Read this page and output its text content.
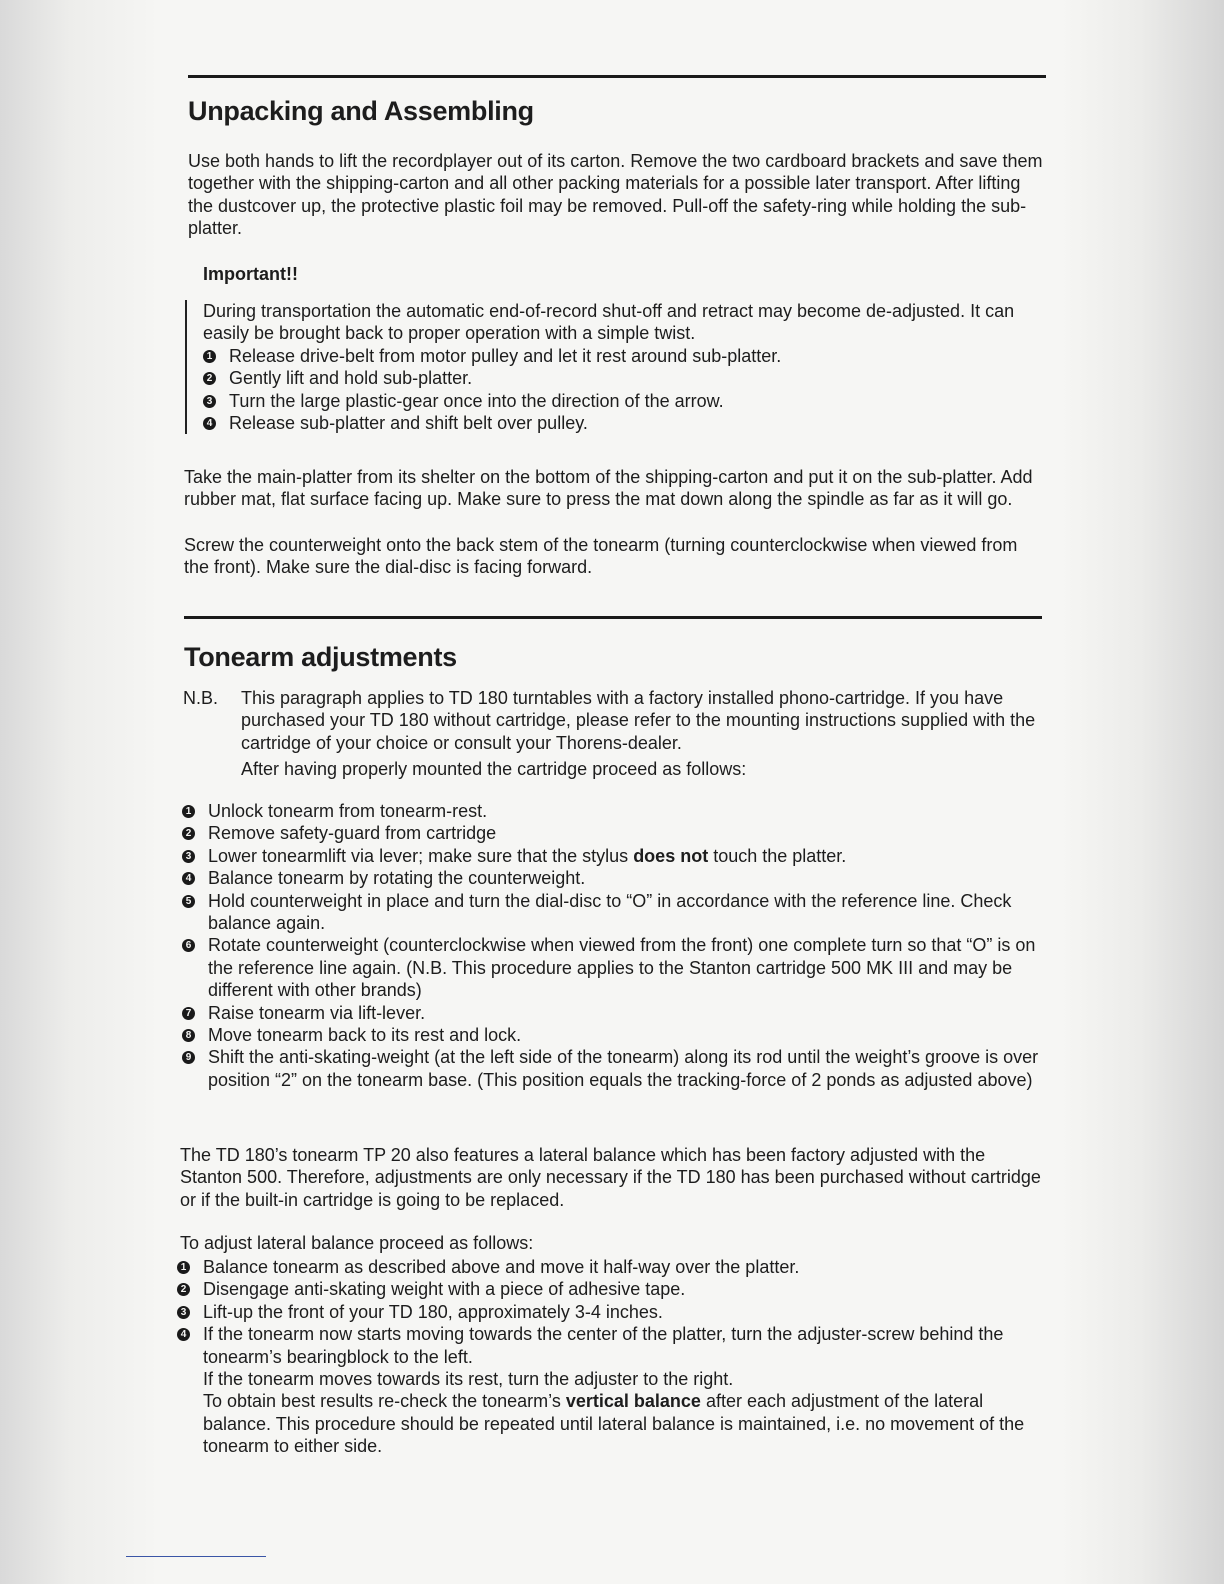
Unpacking and Assembling

Use both hands to lift the recordplayer out of its carton. Remove the two cardboard brackets and save them together with the shipping-carton and all other packing materials for a possible later transport. After lifting the dustcover up, the protective plastic foil may be removed. Pull-off the safety-ring while holding the sub-platter.

Important!!

During transportation the automatic end-of-record shut-off and retract may become de-adjusted. It can easily be brought back to proper operation with a simple twist.

1 Release drive-belt from motor pulley and let it rest around sub-platter.
2 Gently lift and hold sub-platter.
3 Turn the large plastic-gear once into the direction of the arrow.
4 Release sub-platter and shift belt over pulley.

Take the main-platter from its shelter on the bottom of the shipping-carton and put it on the sub-platter. Add rubber mat, flat surface facing up. Make sure to press the mat down along the spindle as far as it will go.

Screw the counterweight onto the back stem of the tonearm (turning counterclockwise when viewed from the front). Make sure the dial-disc is facing forward.

Tonearm adjustments

N.B. This paragraph applies to TD 180 turntables with a factory installed phono-cartridge. If you have purchased your TD 180 without cartridge, please refer to the mounting instructions supplied with the cartridge of your choice or consult your Thorens-dealer.

After having properly mounted the cartridge proceed as follows:

1 Unlock tonearm from tonearm-rest.
2 Remove safety-guard from cartridge
3 Lower tonearmlift via lever; make sure that the stylus does not touch the platter.
4 Balance tonearm by rotating the counterweight.
5 Hold counterweight in place and turn the dial-disc to “O” in accordance with the reference line. Check balance again.
6 Rotate counterweight (counterclockwise when viewed from the front) one complete turn so that “O” is on the reference line again. (N.B. This procedure applies to the Stanton cartridge 500 MK III and may be different with other brands)
7 Raise tonearm via lift-lever.
8 Move tonearm back to its rest and lock.
9 Shift the anti-skating-weight (at the left side of the tonearm) along its rod until the weight’s groove is over position “2” on the tonearm base. (This position equals the tracking-force of 2 ponds as adjusted above)

The TD 180’s tonearm TP 20 also features a lateral balance which has been factory adjusted with the Stanton 500. Therefore, adjustments are only necessary if the TD 180 has been purchased without cartridge or if the built-in cartridge is going to be replaced.

To adjust lateral balance proceed as follows:

1 Balance tonearm as described above and move it half-way over the platter.
2 Disengage anti-skating weight with a piece of adhesive tape.
3 Lift-up the front of your TD 180, approximately 3-4 inches.
4 If the tonearm now starts moving towards the center of the platter, turn the adjuster-screw behind the tonearm’s bearingblock to the left.
If the tonearm moves towards its rest, turn the adjuster to the right.
To obtain best results re-check the tonearm’s vertical balance after each adjustment of the lateral balance. This procedure should be repeated until lateral balance is maintained, i.e. no movement of the tonearm to either side.
